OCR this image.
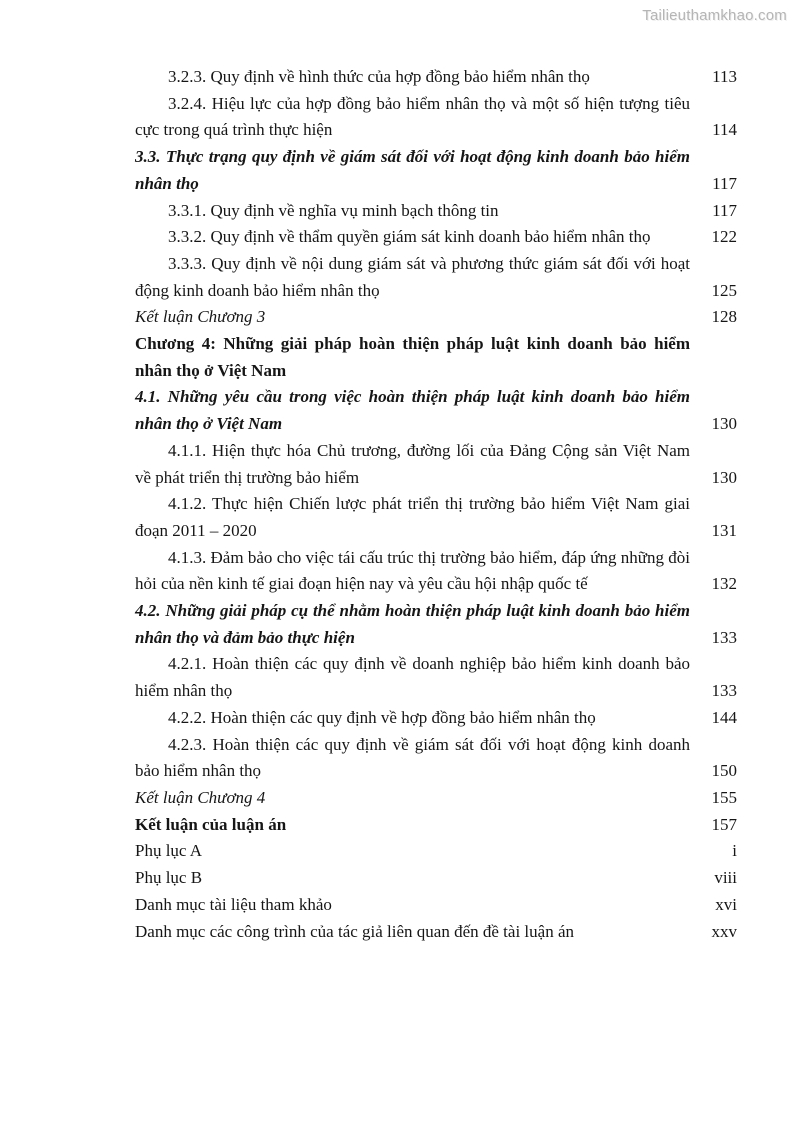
Tailieuthamkhao.com
3.2.3. Quy định về hình thức của hợp đồng bảo hiểm nhân thọ	113
3.2.4. Hiệu lực của hợp đồng bảo hiểm nhân thọ và một số hiện tượng tiêu cực trong quá trình thực hiện	114
3.3. Thực trạng quy định về giám sát đối với hoạt động kinh doanh bảo hiểm nhân thọ	117
3.3.1. Quy định về nghĩa vụ minh bạch thông tin	117
3.3.2. Quy định về thẩm quyền giám sát kinh doanh bảo hiểm nhân thọ	122
3.3.3. Quy định về nội dung giám sát và phương thức giám sát đối với hoạt động kinh doanh bảo hiểm nhân thọ	125
Kết luận Chương 3	128
Chương 4: Những giải pháp hoàn thiện pháp luật kinh doanh bảo hiểm nhân thọ ở Việt Nam
4.1. Những yêu cầu trong việc hoàn thiện pháp luật kinh doanh bảo hiểm nhân thọ ở Việt Nam	130
4.1.1. Hiện thực hóa Chủ trương, đường lối của Đảng Cộng sản Việt Nam về phát triển thị trường bảo hiểm	130
4.1.2. Thực hiện Chiến lược phát triển thị trường bảo hiểm Việt Nam giai đoạn 2011 – 2020	131
4.1.3. Đảm bảo cho việc tái cấu trúc thị trường bảo hiểm, đáp ứng những đòi hỏi của nền kinh tế giai đoạn hiện nay và yêu cầu hội nhập quốc tế	132
4.2. Những giải pháp cụ thể nhằm hoàn thiện pháp luật kinh doanh bảo hiểm nhân thọ và đảm bảo thực hiện	133
4.2.1. Hoàn thiện các quy định về doanh nghiệp bảo hiểm kinh doanh bảo hiểm nhân thọ	133
4.2.2. Hoàn thiện các quy định về hợp đồng bảo hiểm nhân thọ	144
4.2.3. Hoàn thiện các quy định về giám sát đối với hoạt động kinh doanh bảo hiểm nhân thọ	150
Kết luận Chương 4	155
Kết luận của luận án	157
Phụ lục A	i
Phụ lục B	viii
Danh mục tài liệu tham khảo	xvi
Danh mục các công trình của tác giả liên quan đến đề tài luận án	xxv
